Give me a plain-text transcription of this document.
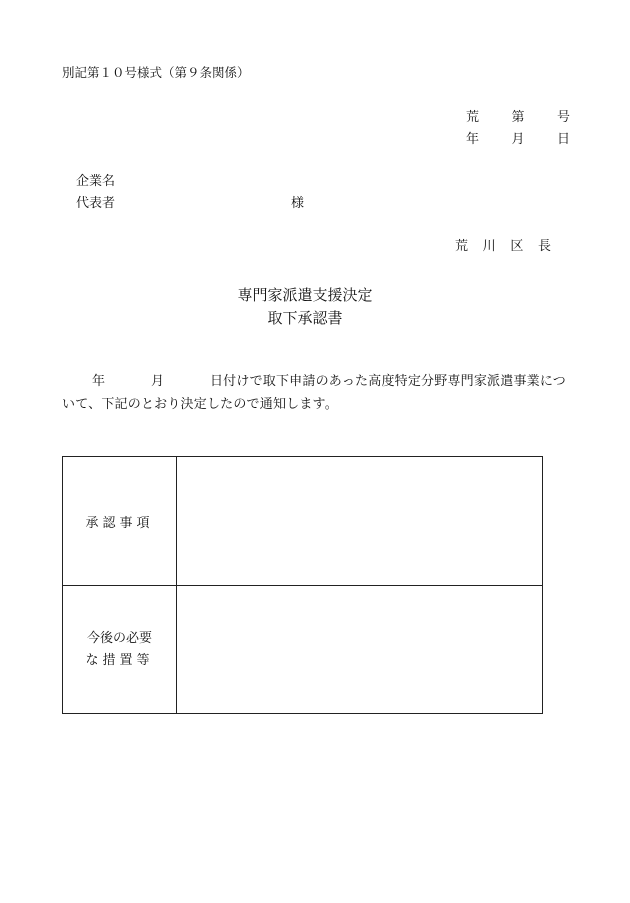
別記第１０号様式（第９条関係）
荒 第 号
年 月 日
企業名
代表者	様
荒 川 区 長
専門家派遣支援決定
取下承認書
年	月	日付けで取下申請のあった高度特定分野専門家派遣事業につ
いて、下記のとおり決定したので通知します。
承認事項
今後の必要
な措置等
